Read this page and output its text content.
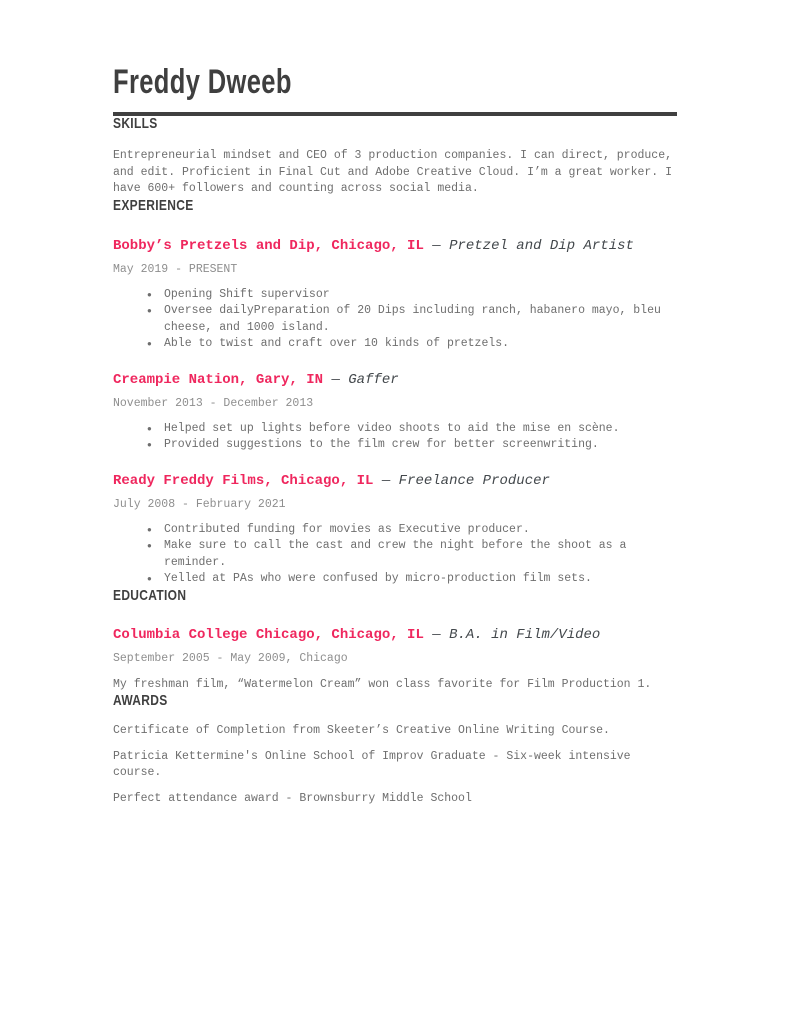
Freddy Dweeb
SKILLS

Entrepreneurial mindset and CEO of 3 production companies. I can direct, produce, and edit. Proficient in Final Cut and Adobe Creative Cloud. I’m a great worker. I have 600+ followers and counting across social media.

EXPERIENCE
Bobby’s Pretzels and Dip, Chicago, IL — Pretzel and Dip Artist

May 2019 - PRESENT

● Opening Shift supervisor
● Oversee dailyPreparation of 20 Dips including ranch, habanero mayo, bleu cheese, and 1000 island.
● Able to twist and craft over 10 kinds of pretzels.
Creampie Nation, Gary, IN — Gaffer

November 2013 - December 2013

● Helped set up lights before video shoots to aid the mise en scène.
● Provided suggestions to the film crew for better screenwriting.
Ready Freddy Films, Chicago, IL — Freelance Producer

July 2008 - February 2021

● Contributed funding for movies as Executive producer.
● Make sure to call the cast and crew the night before the shoot as a reminder.
● Yelled at PAs who were confused by micro-production film sets.
EDUCATION
Columbia College Chicago, Chicago, IL — B.A. in Film/Video

September 2005 - May 2009, Chicago

My freshman film, “Watermelon Cream” won class favorite for Film Production 1.

AWARDS

Certificate of Completion from Skeeter’s Creative Online Writing Course.

Patricia Kettermine's Online School of Improv Graduate - Six-week intensive course.

Perfect attendance award - Brownsburry Middle School
